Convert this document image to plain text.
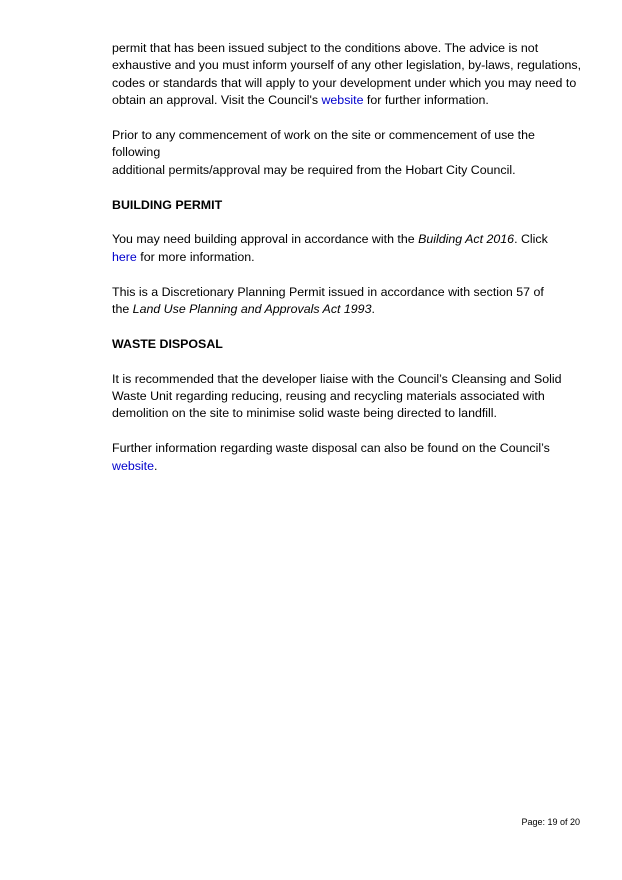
permit that has been issued subject to the conditions above. The advice is not
exhaustive and you must inform yourself of any other legislation, by-laws, regulations,
codes or standards that will apply to your development under which you may need to
obtain an approval. Visit the Council's website for further information.

Prior to any commencement of work on the site or commencement of use the following
additional permits/approval may be required from the Hobart City Council.

BUILDING PERMIT

You may need building approval in accordance with the Building Act 2016. Click
here for more information.

This is a Discretionary Planning Permit issued in accordance with section 57 of
the Land Use Planning and Approvals Act 1993.

WASTE DISPOSAL

It is recommended that the developer liaise with the Council’s Cleansing and Solid
Waste Unit regarding reducing, reusing and recycling materials associated with
demolition on the site to minimise solid waste being directed to landfill.

Further information regarding waste disposal can also be found on the Council’s
website.

Page: 19 of 20
